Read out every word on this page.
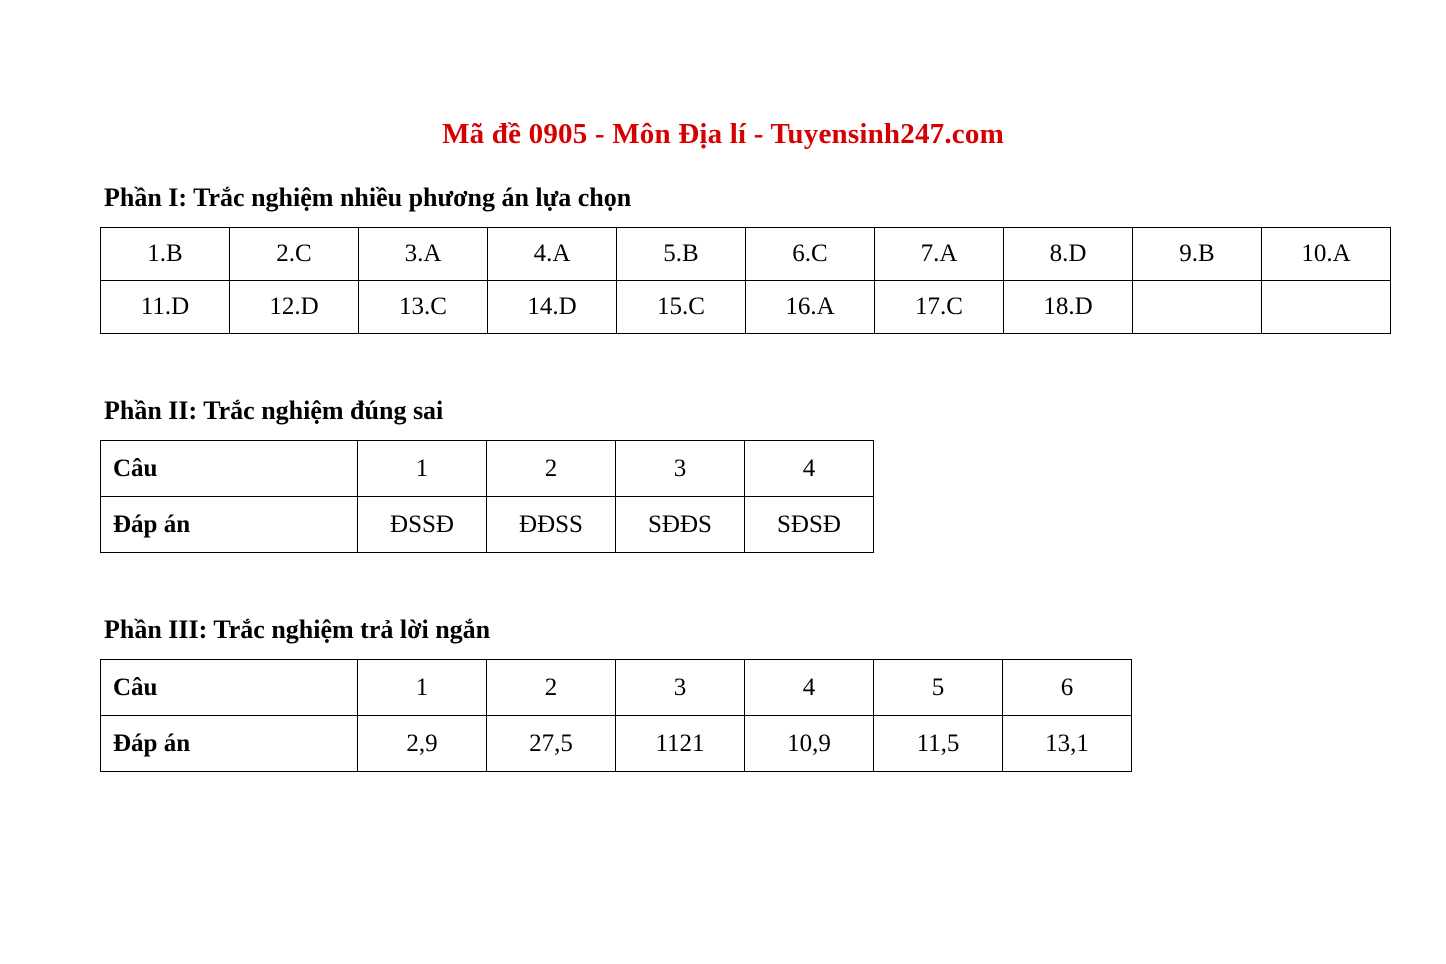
Mã đề 0905 - Môn Địa lí - Tuyensinh247.com
Phần I: Trắc nghiệm nhiều phương án lựa chọn
1.B	2.C	3.A	4.A	5.B	6.C	7.A	8.D	9.B	10.A
11.D	12.D	13.C	14.D	15.C	16.A	17.C	18.D		
Phần II: Trắc nghiệm đúng sai
Câu	1	2	3	4
Đáp án	ĐSSĐ	ĐĐSS	SĐĐS	SĐSĐ
Phần III: Trắc nghiệm trả lời ngắn
Câu	1	2	3	4	5	6
Đáp án	2,9	27,5	1121	10,9	11,5	13,1
